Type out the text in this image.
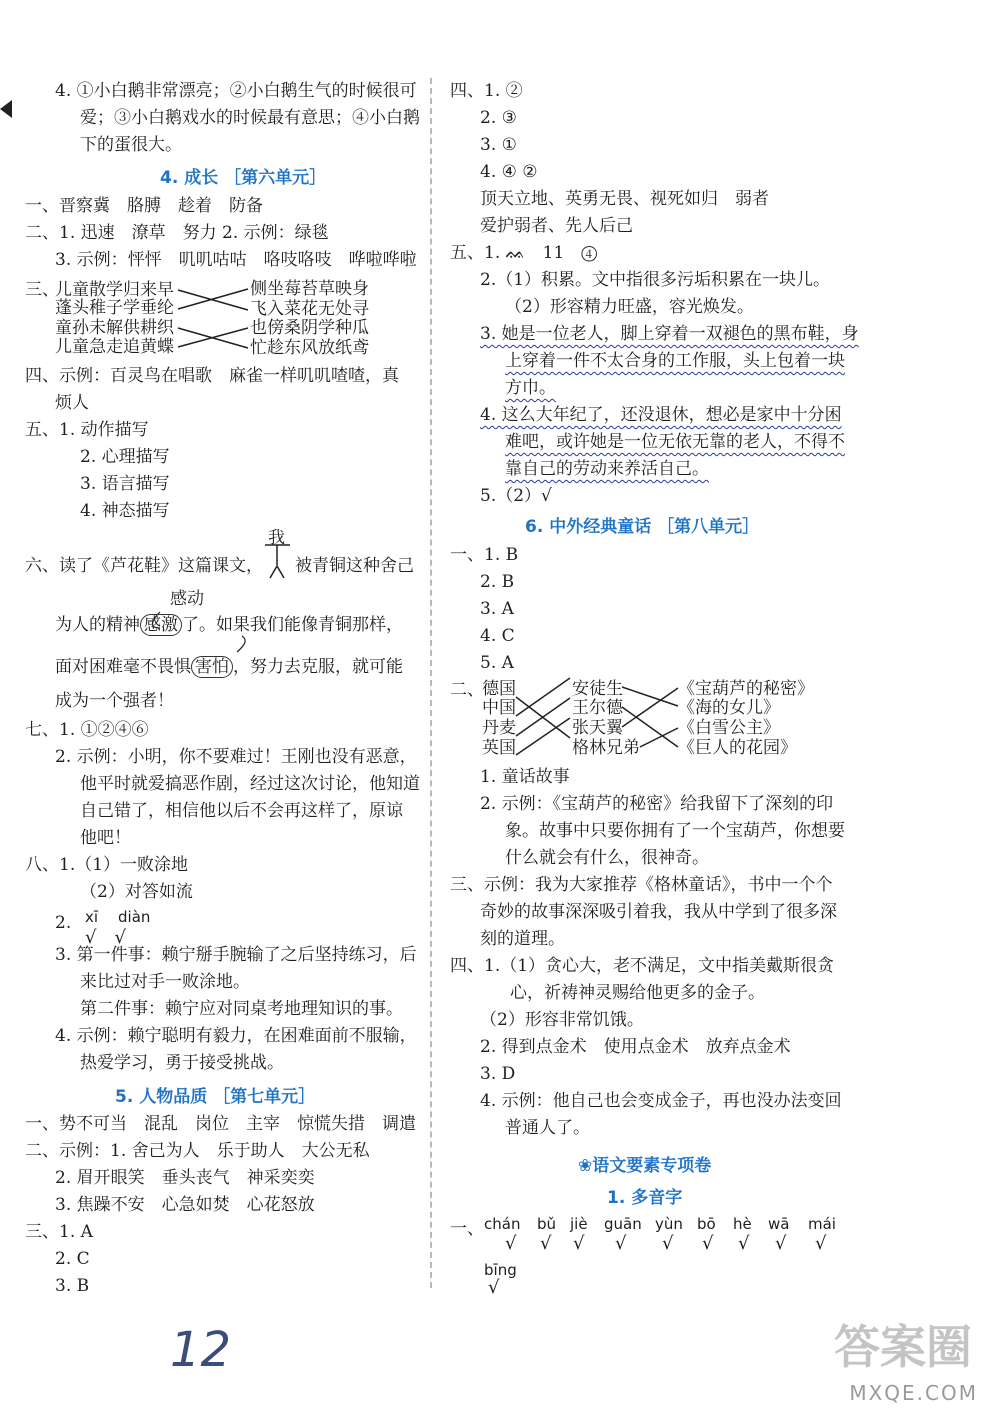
4. ①小白鹅非常漂亮；②小白鹅生气的时候很可
爱；③小白鹅戏水的时候最有意思；④小白鹅
下的蛋很大。
4. 成长 ［第六单元］
一、晋察冀　胳膊　趁着　防备
二、1. 迅速　潦草　努力 2. 示例：绿毯
3. 示例：怦怦　叽叽咕咕　咯吱咯吱　哗啦哗啦
三、
儿童散学归来早
蓬头稚子学垂纶
童孙未解供耕织
儿童急走追黄蝶
侧坐莓苔草映身
飞入菜花无处寻
也傍桑阴学种瓜
忙趁东风放纸鸢
四、示例：百灵鸟在唱歌　麻雀一样叽叽喳喳，真
烦人
五、1. 动作描写
2. 心理描写
3. 语言描写
4. 神态描写
我
六、读了《芦花鞋》这篇课文， 被青铜这种舍己
感动
为人的精神 感激 了。如果我们能像青铜那样，
面对困难毫不畏惧 害怕 ，努力去克服，就可能
成为一个强者！
七、1. ①②④⑥
2. 示例：小明，你不要难过！王刚也没有恶意，
他平时就爱搞恶作剧，经过这次讨论，他知道
自己错了，相信他以后不会再这样了，原谅
他吧！
八、1.（1）一败涂地
（2）对答如流
2. xī diàn
√　√
3. 第一件事：赖宁掰手腕输了之后坚持练习，后
来比过对手一败涂地。
第二件事：赖宁应对同桌考地理知识的事。
4. 示例：赖宁聪明有毅力，在困难面前不服输，
热爱学习，勇于接受挑战。
5. 人物品质 ［第七单元］
一、势不可当　混乱　岗位　主宰　惊慌失措　调遣
二、示例：1. 舍己为人　乐于助人　大公无私
2. 眉开眼笑　垂头丧气　神采奕奕
3. 焦躁不安　心急如焚　心花怒放
三、1. A
2. C
3. B
12
四、1. ②
2. ③
3. ①
4. ④ ②
顶天立地、英勇无畏、视死如归　弱者
爱护弱者、先人后己
五、1. ᨐ　11　④
2.（1）积累。文中指很多污垢积累在一块儿。
（2）形容精力旺盛，容光焕发。
3. 她是一位老人，脚上穿着一双褪色的黑布鞋，身
上穿着一件不太合身的工作服，头上包着一块
方巾。
4. 这么大年纪了，还没退休，想必是家中十分困
难吧，或许她是一位无依无靠的老人，不得不
靠自己的劳动来养活自己。
5.（2）√
6. 中外经典童话 ［第八单元］
一、1. B
2. B
3. A
4. C
5. A
二、
德国
中国
丹麦
英国
安徒生
王尔德
张天翼
格林兄弟
《宝葫芦的秘密》
《海的女儿》
《白雪公主》
《巨人的花园》
1. 童话故事
2. 示例：《宝葫芦的秘密》给我留下了深刻的印
象。故事中只要你拥有了一个宝葫芦，你想要
什么就会有什么，很神奇。
三、示例：我为大家推荐《格林童话》，书中一个个
奇妙的故事深深吸引着我，我从中学到了很多深
刻的道理。
四、1.（1）贪心大，老不满足，文中指美戴斯很贪
心，祈祷神灵赐给他更多的金子。
（2）形容非常饥饿。
2. 得到点金术　使用点金术　放弃点金术
3. D
4. 示例：他自己也会变成金子，再也没办法变回
普通人了。
❀语文要素专项卷
1. 多音字
一、 chán bǔ jiè guān yùn bō hè wā mái
√ √ √ √ √ √ √ √ √
bīng
√
答案圈
MXQE.COM
